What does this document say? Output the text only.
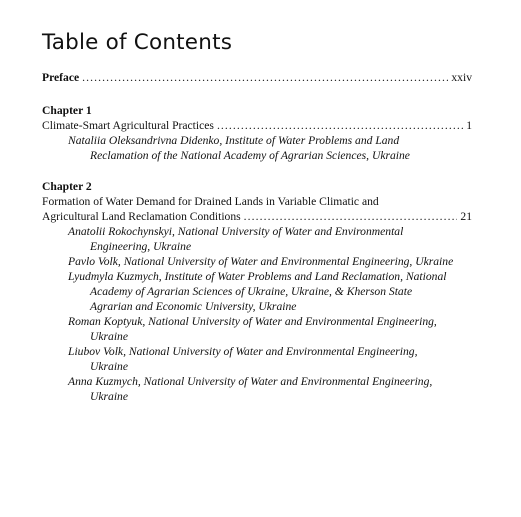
Table of Contents
Preface .....	xxiv
Chapter 1
Climate-Smart Agricultural Practices .....	1

Nataliia Oleksandrivna Didenko, Institute of Water Problems and Land Reclamation of the National Academy of Agrarian Sciences, Ukraine

Chapter 2
Formation of Water Demand for Drained Lands in Variable Climatic and
Agricultural Land Reclamation Conditions .....	21

Anatolii Rokochynskyi, National University of Water and Environmental Engineering, Ukraine

Pavlo Volk, National University of Water and Environmental Engineering, Ukraine

Lyudmyla Kuzmych, Institute of Water Problems and Land Reclamation, National Academy of Agrarian Sciences of Ukraine, Ukraine, & Kherson State Agrarian and Economic University, Ukraine

Roman Koptyuk, National University of Water and Environmental Engineering, Ukraine

Liubov Volk, National University of Water and Environmental Engineering, Ukraine

Anna Kuzmych, National University of Water and Environmental Engineering, Ukraine
